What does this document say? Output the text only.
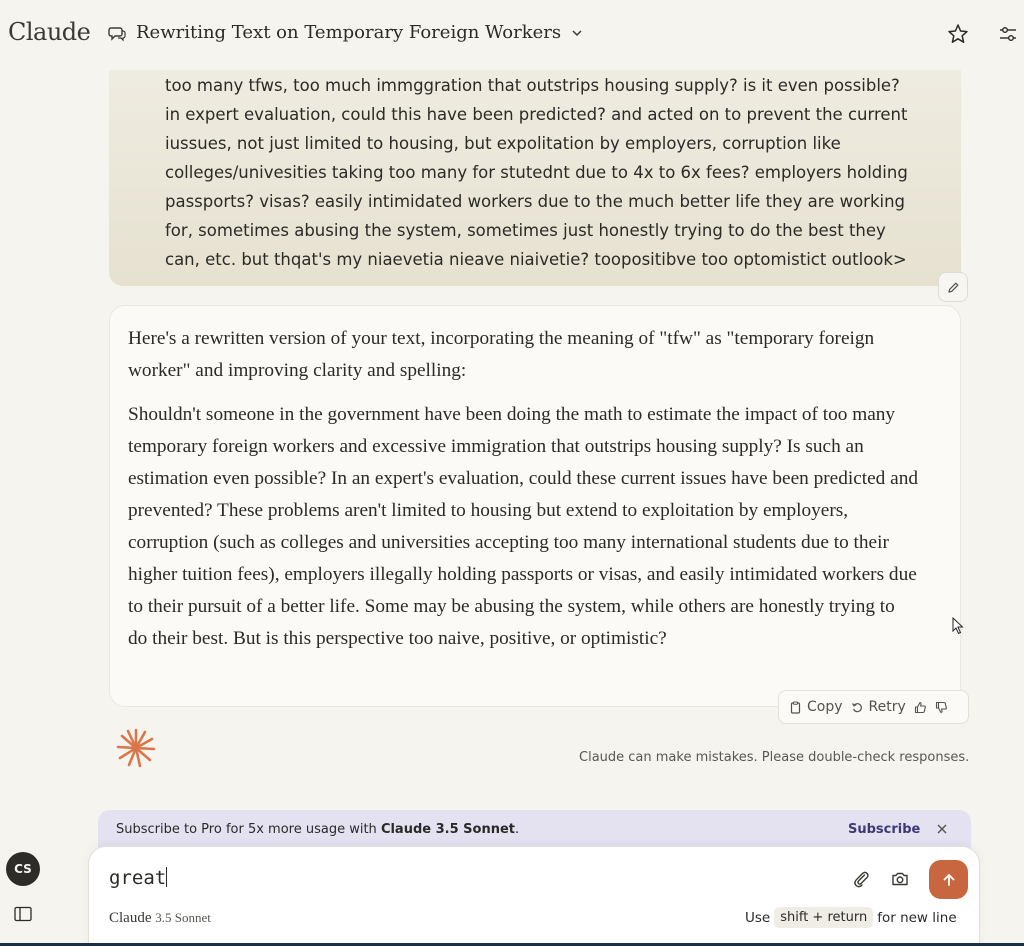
Claude	Rewriting Text on Temporary Foreign Workers

too many tfws, too much immggration that outstrips housing supply? is it even possible?
in expert evaluation, could this have been predicted? and acted on to prevent the current
iussues, not just limited to housing, but expolitation by employers, corruption like
colleges/univesities taking too many for stutednt due to 4x to 6x fees? employers holding
passports? visas? easily intimidated workers due to the much better life they are working
for, sometimes abusing the system, sometimes just honestly trying to do the best they
can, etc. but thqat's my niaevetia nieave niaivetie? toopositibve too optomistict outlook>

Here's a rewritten version of your text, incorporating the meaning of "tfw" as "temporary foreign worker" and improving clarity and spelling:

Shouldn't someone in the government have been doing the math to estimate the impact of too many temporary foreign workers and excessive immigration that outstrips housing supply? Is such an estimation even possible? In an expert's evaluation, could these current issues have been predicted and prevented? These problems aren't limited to housing but extend to exploitation by employers, corruption (such as colleges and universities accepting too many international students due to their higher tuition fees), employers illegally holding passports or visas, and easily intimidated workers due to their pursuit of a better life. Some may be abusing the system, while others are honestly trying to do their best. But is this perspective too naive, positive, or optimistic?

Copy Retry
Claude can make mistakes. Please double-check responses.
Subscribe to Pro for 5x more usage with Claude 3.5 Sonnet.	Subscribe
great
Claude 3.5 Sonnet	Use shift + return for new line
CS
